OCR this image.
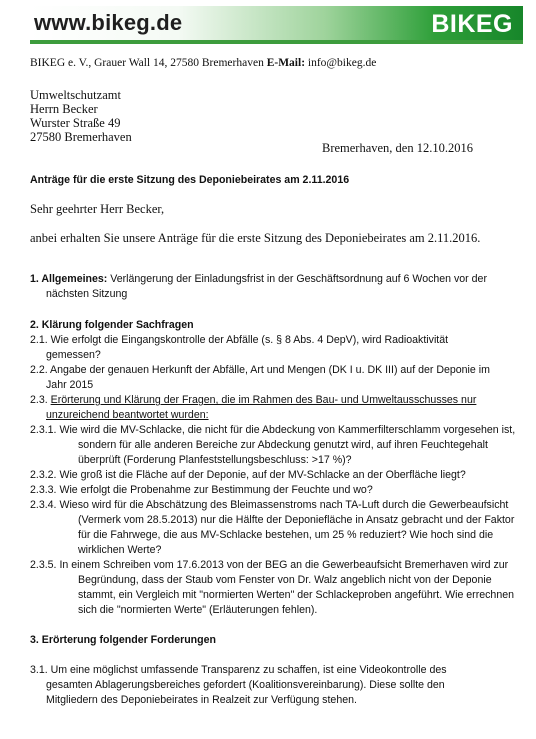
www.bikeg.de	BIKEG
BIKEG e. V., Grauer Wall 14, 27580 Bremerhaven E-Mail: info@bikeg.de
Umweltschutzamt
Herrn Becker
Wurster Straße 49
27580 Bremerhaven
Bremerhaven, den 12.10.2016
Anträge für die erste Sitzung des Deponiebeirates am 2.11.2016
Sehr geehrter Herr Becker,
anbei erhalten Sie unsere Anträge für die erste Sitzung des Deponiebeirates am 2.11.2016.
1. Allgemeines: Verlängerung der Einladungsfrist in der Geschäftsordnung auf 6 Wochen vor der nächsten Sitzung
2. Klärung folgender Sachfragen
2.1. Wie erfolgt die Eingangskontrolle der Abfälle (s. § 8 Abs. 4 DepV), wird Radioaktivität gemessen?
2.2. Angabe der genauen Herkunft der Abfälle, Art und Mengen (DK I u. DK III) auf der Deponie im Jahr 2015
2.3. Erörterung und Klärung der Fragen, die im Rahmen des Bau- und Umweltausschusses nur unzureichend beantwortet wurden:
2.3.1. Wie wird die MV-Schlacke, die nicht für die Abdeckung von Kammerfilterschlamm vorgesehen ist, sondern für alle anderen Bereiche zur Abdeckung genutzt wird, auf ihren Feuchtegehalt überprüft (Forderung Planfeststellungsbeschluss: >17 %)?
2.3.2. Wie groß ist die Fläche auf der Deponie, auf der MV-Schlacke an der Oberfläche liegt?
2.3.3. Wie erfolgt die Probenahme zur Bestimmung der Feuchte und wo?
2.3.4. Wieso wird für die Abschätzung des Bleimassenstroms nach TA-Luft durch die Gewerbeaufsicht (Vermerk vom 28.5.2013) nur die Hälfte der Deponiefläche in Ansatz gebracht und der Faktor für die Fahrwege, die aus MV-Schlacke bestehen, um 25 % reduziert? Wie hoch sind die wirklichen Werte?
2.3.5. In einem Schreiben vom 17.6.2013 von der BEG an die Gewerbeaufsicht Bremerhaven wird zur Begründung, dass der Staub vom Fenster von Dr. Walz angeblich nicht von der Deponie stammt, ein Vergleich mit "normierten Werten" der Schlackeproben angeführt. Wie errechnen sich die "normierten Werte" (Erläuterungen fehlen).
3. Erörterung folgender Forderungen
3.1. Um eine möglichst umfassende Transparenz zu schaffen, ist eine Videokontrolle des gesamten Ablagerungsbereiches gefordert (Koalitionsvereinbarung). Diese sollte den Mitgliedern des Deponiebeirates in Realzeit zur Verfügung stehen.
